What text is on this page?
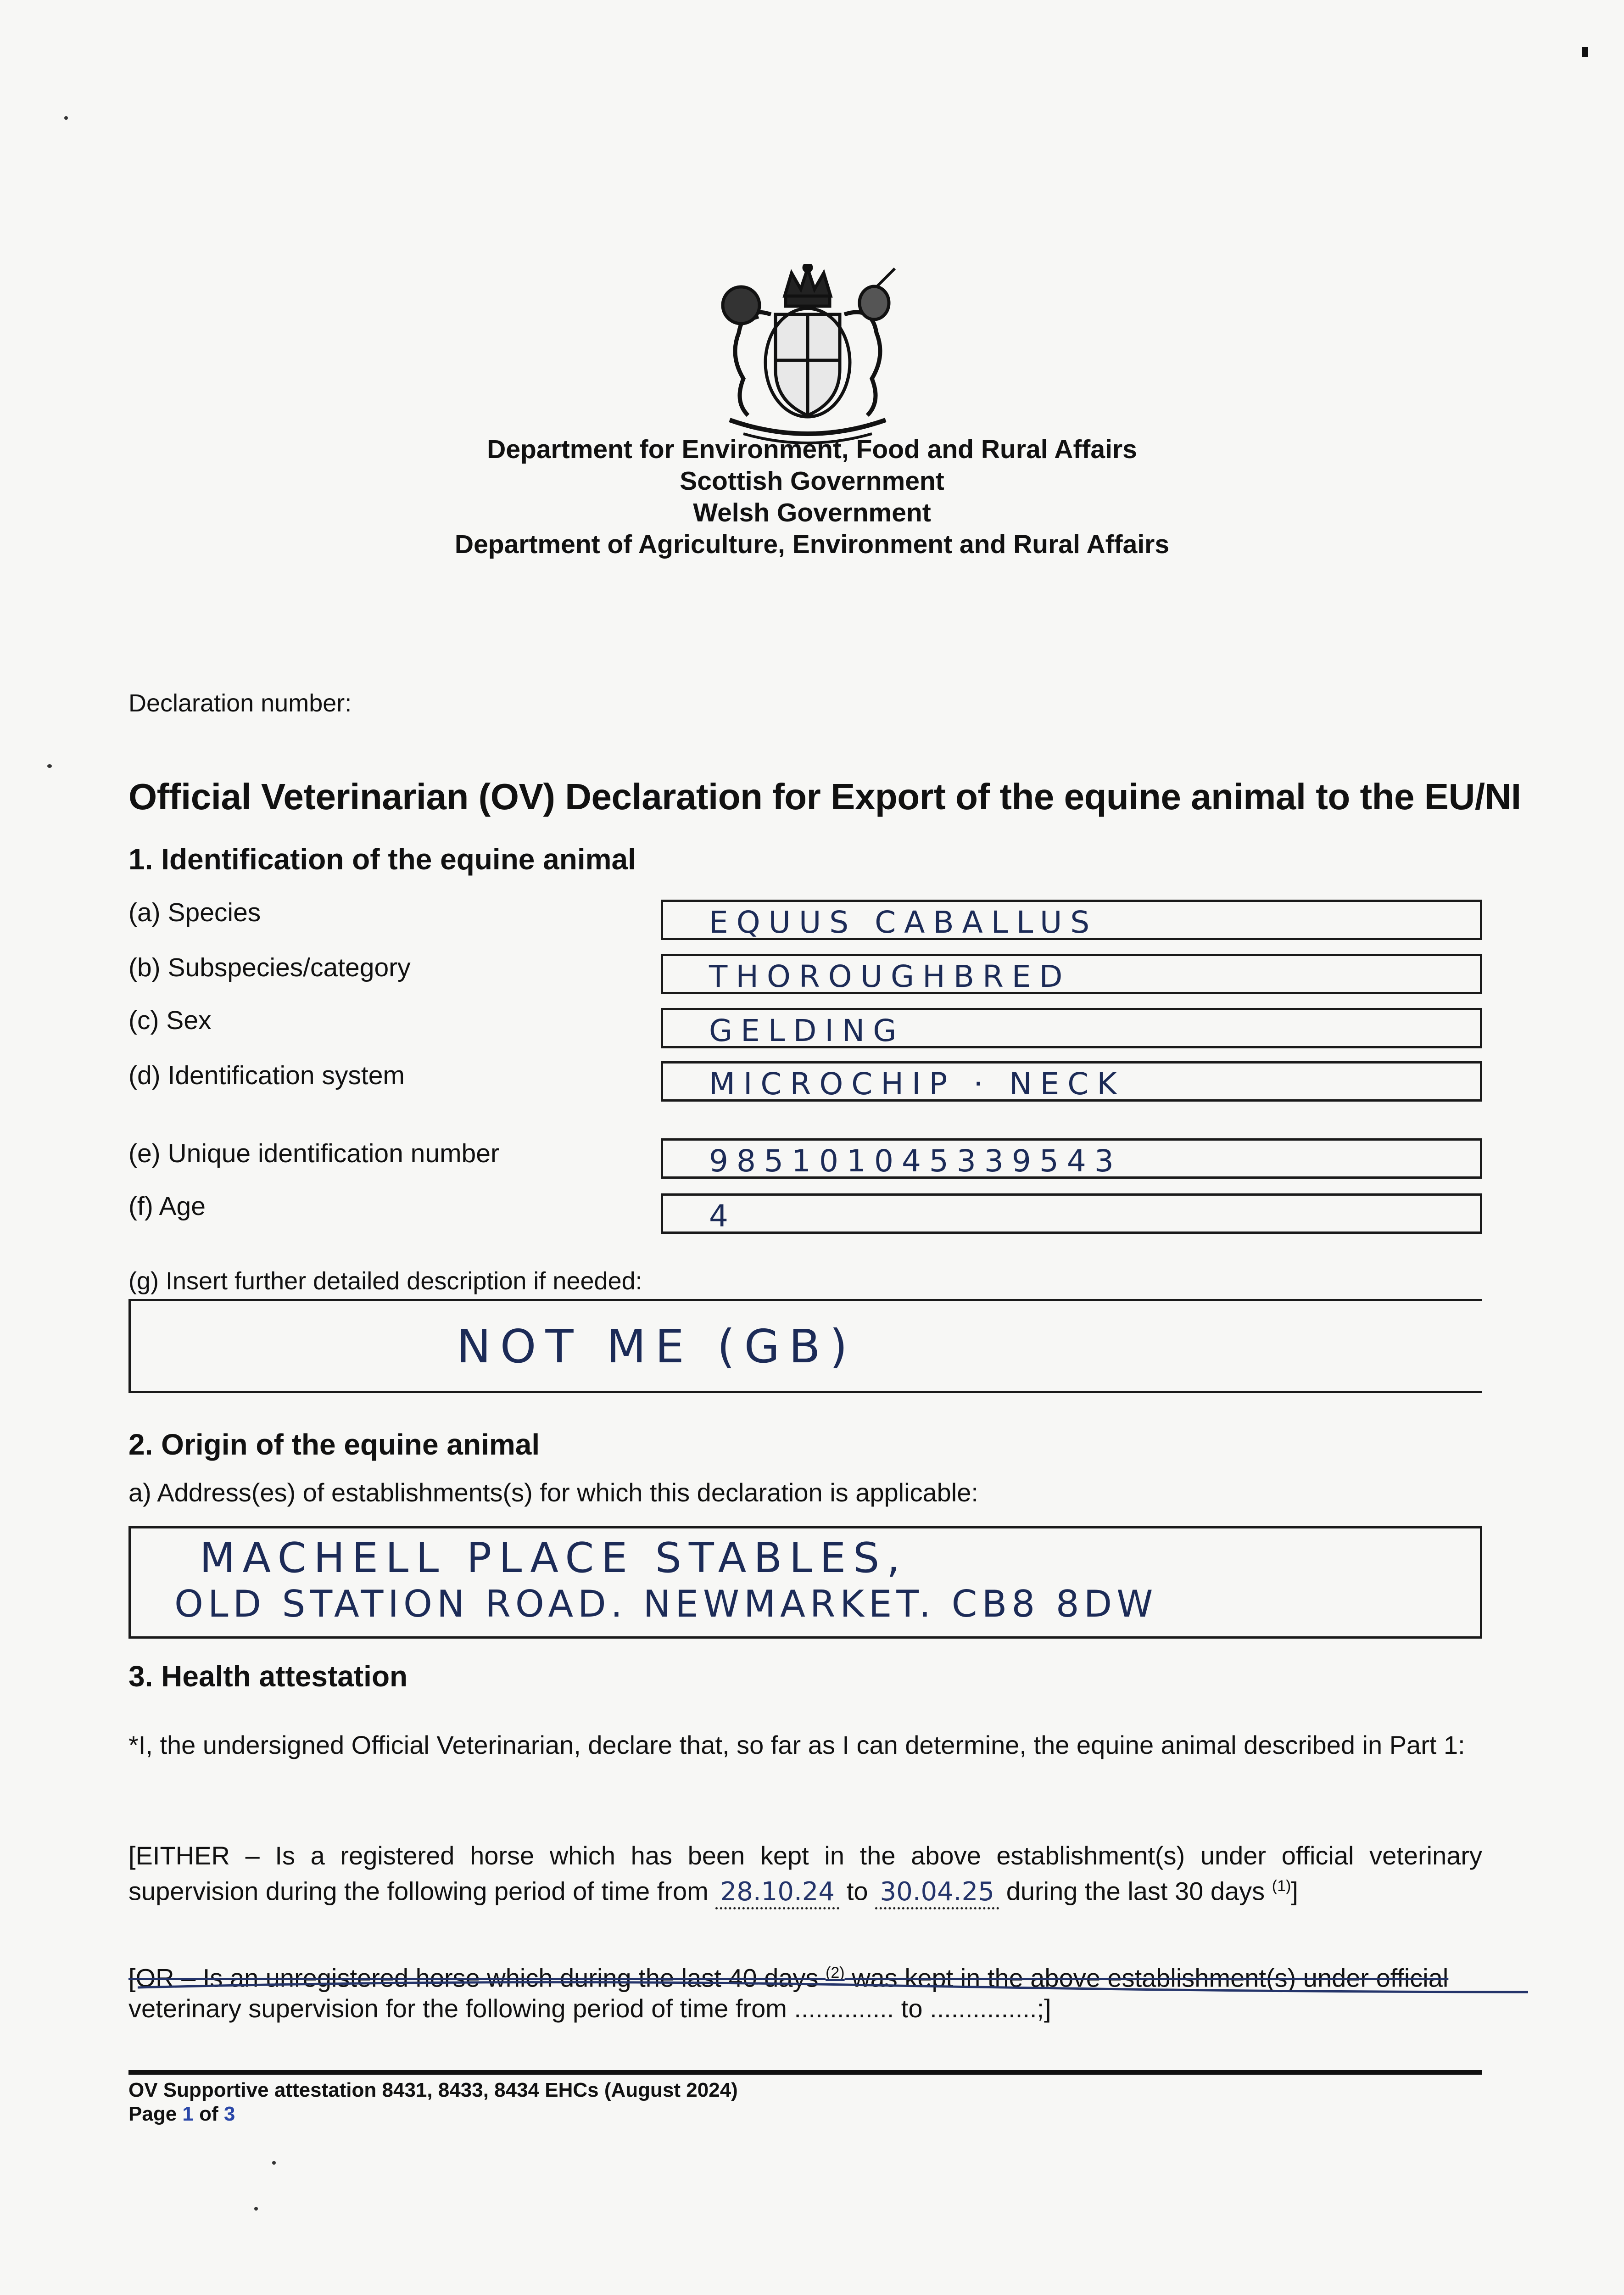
Department for Environment, Food and Rural Affairs
Scottish Government
Welsh Government
Department of Agriculture, Environment and Rural Affairs
Declaration number:
Official Veterinarian (OV) Declaration for Export of the equine animal to the EU/NI
1. Identification of the equine animal
(a) Species	EQUUS CABALLUS
(b) Subspecies/category	THOROUGHBRED
(c) Sex	GELDING
(d) Identification system	MICROCHIP · NECK
(e) Unique identification number	985101045339543
(f) Age	4
(g) Insert further detailed description if needed:
NOT ME (GB)
2. Origin of the equine animal
a) Address(es) of establishments(s) for which this declaration is applicable:
MACHELL PLACE STABLES,
OLD STATION ROAD. NEWMARKET. CB8 8DW
3. Health attestation
*I, the undersigned Official Veterinarian, declare that, so far as I can determine, the equine animal described in Part 1:
[EITHER – Is a registered horse which has been kept in the above establishment(s) under official veterinary
supervision during the following period of time from 28.10.24 to 30.04.25 during the last 30 days $^{(1)}$]
[OR – Is an unregistered horse which during the last 40 days $^{(2)}$ was kept in the above establishment(s) under official
veterinary supervision for the following period of time from .............. to ...............;]
OV Supportive attestation 8431, 8433, 8434 EHCs (August 2024)
Page 1 of 3
